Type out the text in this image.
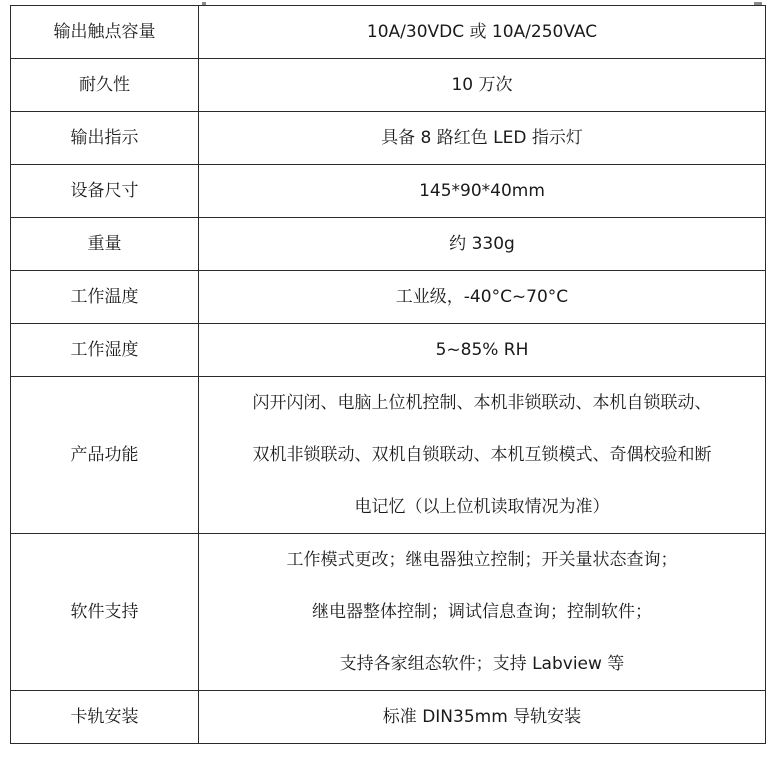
输出触点容量	10A/30VDC 或 10A/250VAC

耐久性	10 万次

输出指示	具备 8 路红色 LED 指示灯

设备尺寸	145*90*40mm

重量	约 330g

工作温度	工业级，-40°C~70°C

工作湿度	5~85% RH

产品功能	闪开闪闭、电脑上位机控制、本机非锁联动、本机自锁联动、
双机非锁联动、双机自锁联动、本机互锁模式、奇偶校验和断
电记忆（以上位机读取情况为准）

软件支持	工作模式更改；继电器独立控制；开关量状态查询；
继电器整体控制；调试信息查询；控制软件；
支持各家组态软件；支持 Labview 等

卡轨安装	标准 DIN35mm 导轨安装
